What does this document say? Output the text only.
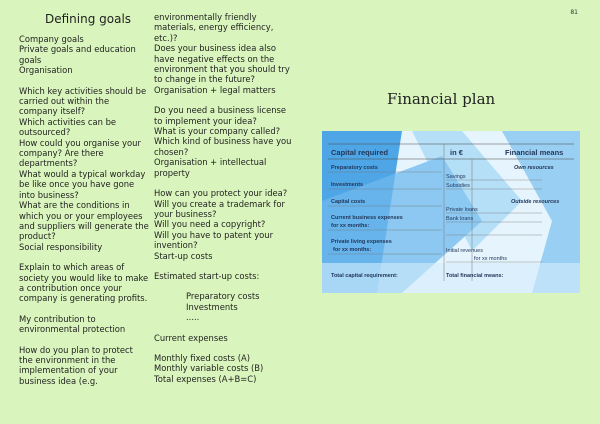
81
Defining goals

Company goals
Private goals and education goals
Organisation

Which key activities should be carried out within the company itself?
Which activities can be outsourced?
How could you organise your company? Are there departments?
What would a typical workday be like once you have gone into business?
What are the conditions in which you or your employees and suppliers will generate the product?
Social responsibility

Explain to which areas of society you would like to make a contribution once your company is generating profits.

My contribution to environmental protection

How do you plan to protect the environment in the implementation of your business idea (e.g.

environmentally friendly materials, energy efficiency, etc.)?
Does your business idea also have negative effects on the environment that you should try to change in the future?
Organisation + legal matters

Do you need a business license to implement your idea?
What is your company called?
Which kind of business have you chosen?
Organisation + intellectual property

How can you protect your idea?
Will you create a trademark for your business?
Will you need a copyright?
Will you have to patent your invention?
Start-up costs

Estimated start-up costs:

Preparatory costs
Investments
.....

Current expenses

Monthly fixed costs (A)
Monthly variable costs (B)
Total expenses (A+B=C)

Financial plan
Capital required	in €	Financial means
Preparatory costs
Investments
Capital costs
Current business expenses
for xx months:
Private living expenses
for xx months:
Total capital requirement:
Own resources
Savings
Subsidies
Outside resources
Private loans
Bank loans
Initial revenues
for xx months
Total financial means:
